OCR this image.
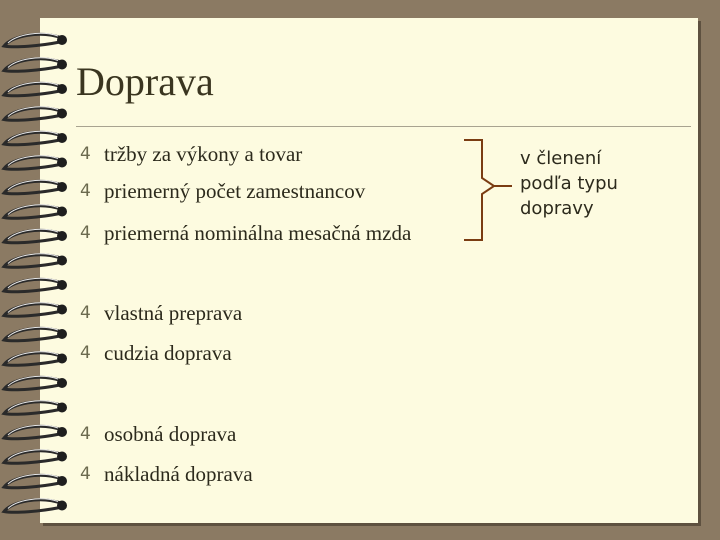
Doprava
4 tržby za výkony a tovar
4 priemerný počet zamestnancov
4 priemerná nominálna mesačná mzda
4 vlastná preprava
4 cudzia doprava
4 osobná doprava
4 nákladná doprava
v členení
podľa typu
dopravy
